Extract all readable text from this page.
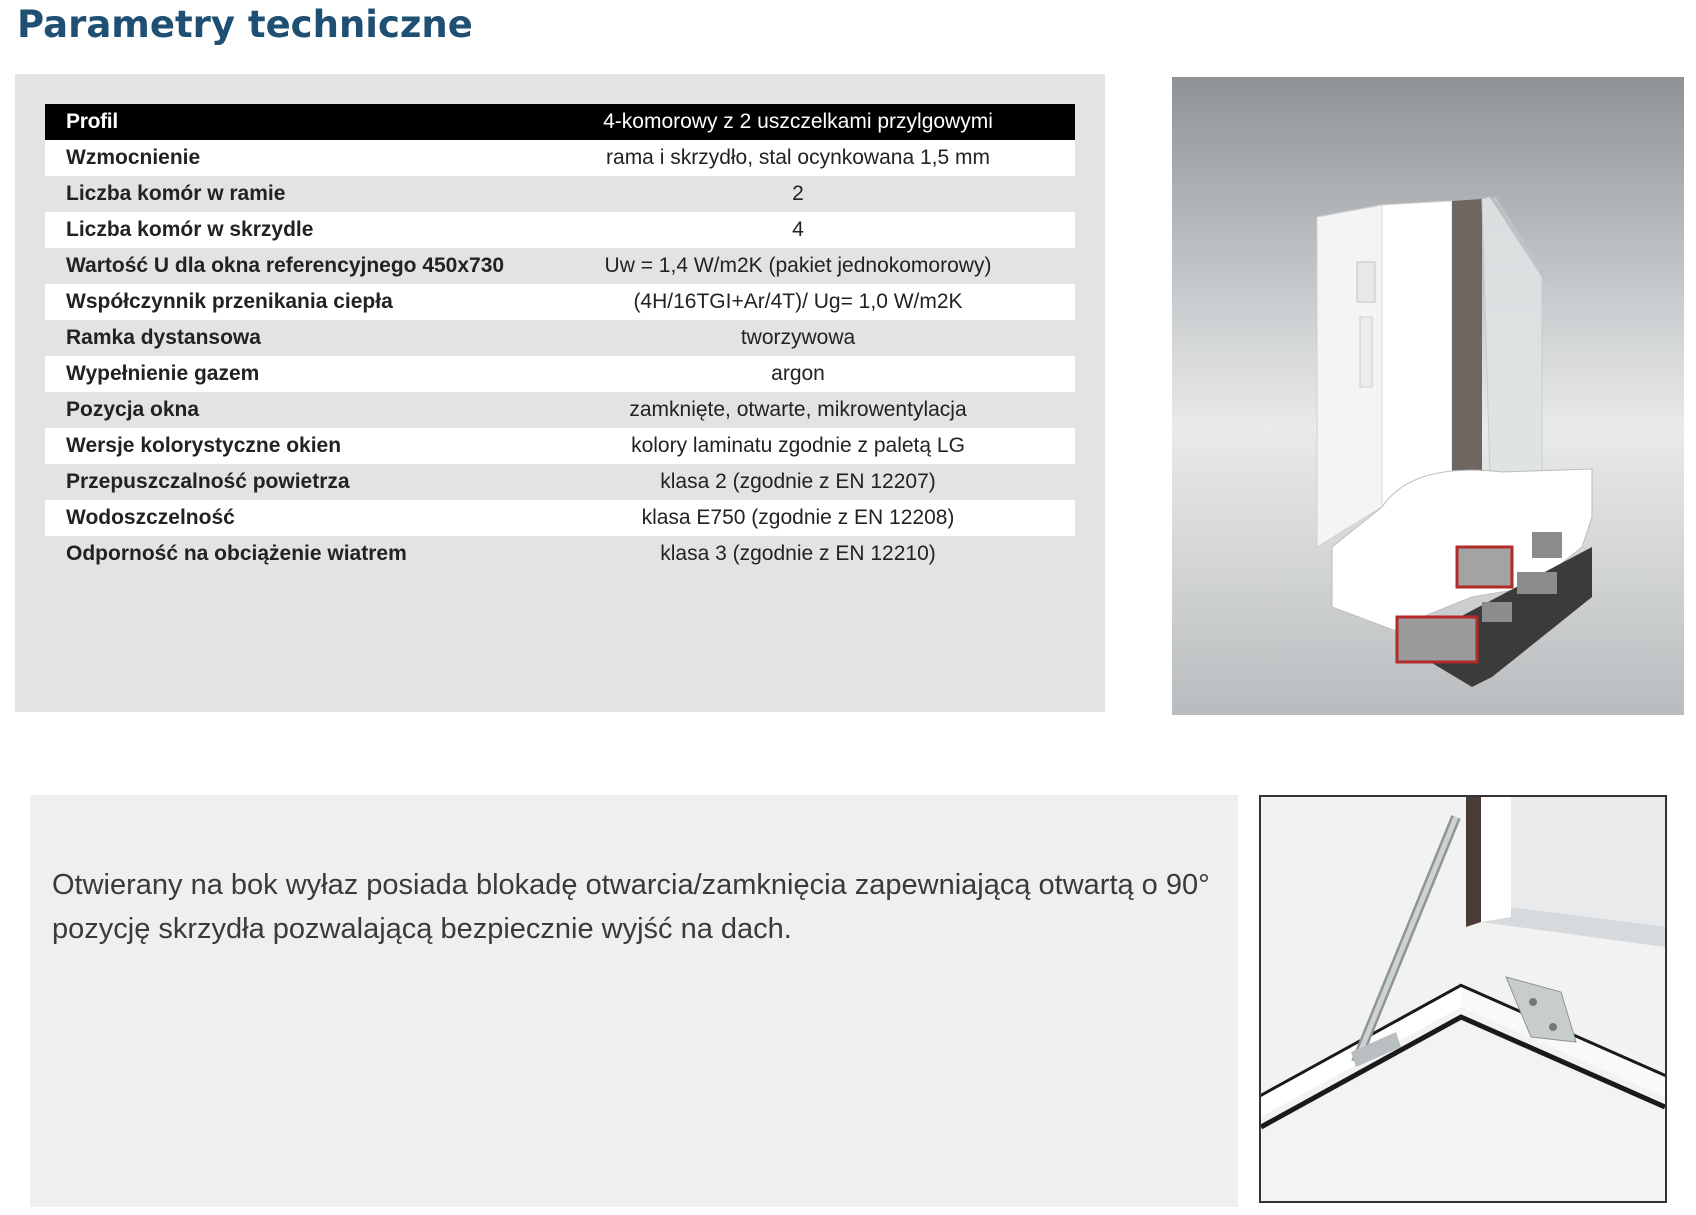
Parametry techniczne
Profil	4-komorowy z 2 uszczelkami przylgowymi
Wzmocnienie	rama i skrzydło, stal ocynkowana 1,5 mm
Liczba komór w ramie	2
Liczba komór w skrzydle	4
Wartość U dla okna referencyjnego 450x730	Uw = 1,4 W/m2K (pakiet jednokomorowy)
Współczynnik przenikania ciepła	(4H/16TGI+Ar/4T)/ Ug= 1,0 W/m2K
Ramka dystansowa	tworzywowa
Wypełnienie gazem	argon
Pozycja okna	zamknięte, otwarte, mikrowentylacja
Wersje kolorystyczne okien	kolory laminatu zgodnie z paletą LG
Przepuszczalność powietrza	klasa 2 (zgodnie z EN 12207)
Wodoszczelność	klasa E750 (zgodnie z EN 12208)
Odporność na obciążenie wiatrem	klasa 3 (zgodnie z EN 12210)

Otwierany na bok wyłaz posiada blokadę otwarcia/zamknięcia zapewniającą otwartą o 90° pozycję skrzydła pozwalającą bezpiecznie wyjść na dach.
